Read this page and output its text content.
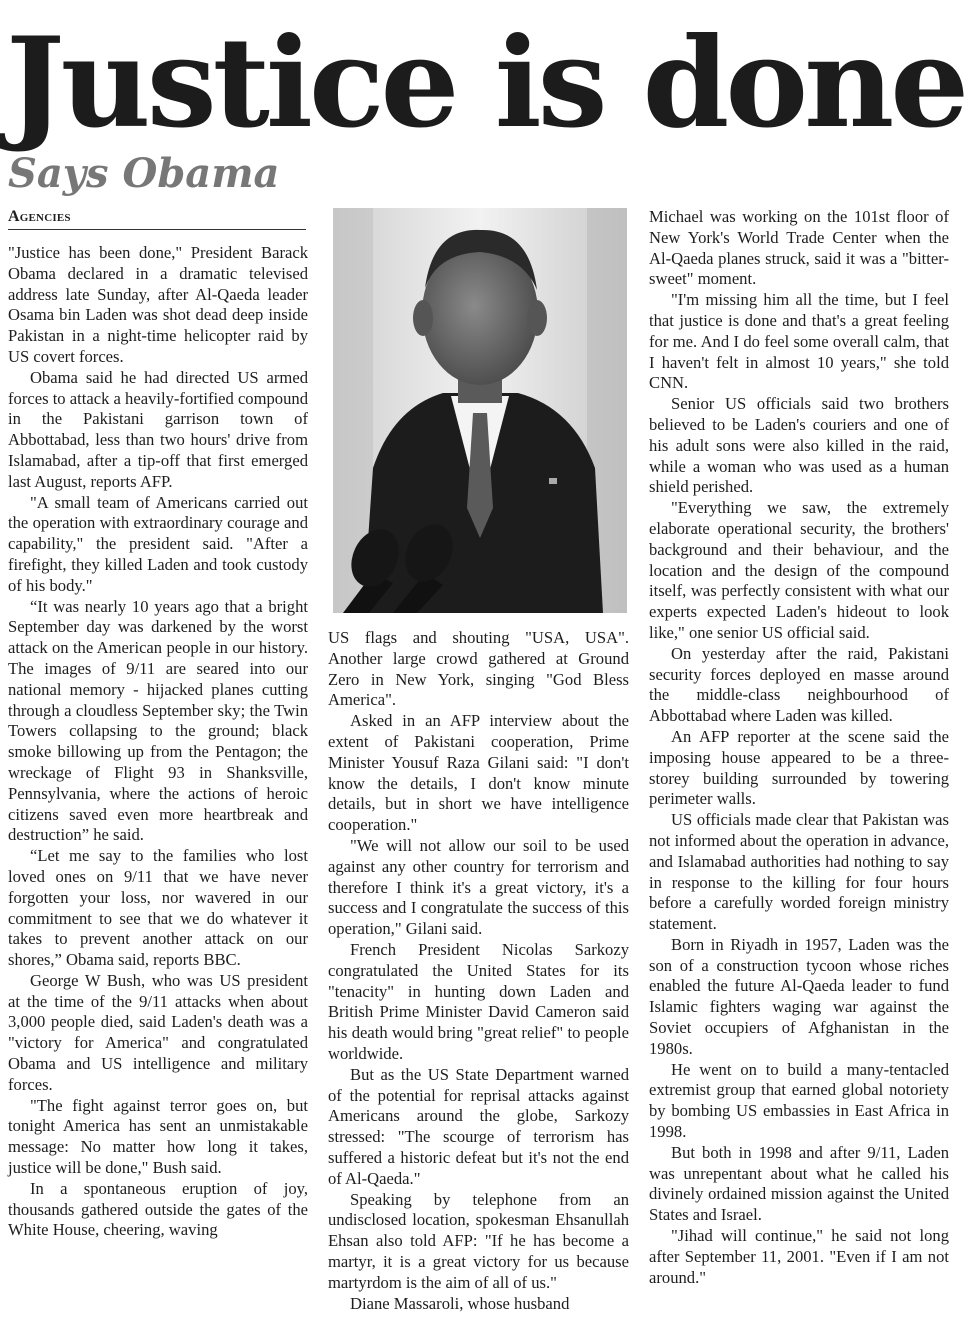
Justice is done
Says Obama
Agencies

"Justice has been done," President Barack Obama declared in a dramatic televised address late Sunday, after Al-Qaeda leader Osama bin Laden was shot dead deep inside Pakistan in a night-time helicopter raid by US covert forces.

Obama said he had directed US armed forces to attack a heavily-fortified compound in the Pakistani garrison town of Abbottabad, less than two hours' drive from Islamabad, after a tip-off that first emerged last August, reports AFP.

"A small team of Americans carried out the operation with extraordinary courage and capability," the president said. "After a firefight, they killed Laden and took custody of his body."

“It was nearly 10 years ago that a bright September day was darkened by the worst attack on the American people in our history. The images of 9/11 are seared into our national memory - hijacked planes cutting through a cloudless September sky; the Twin Towers collapsing to the ground; black smoke billowing up from the Pentagon; the wreckage of Flight 93 in Shanksville, Pennsylvania, where the actions of heroic citizens saved even more heartbreak and destruction” he said.

“Let me say to the families who lost loved ones on 9/11 that we have never forgotten your loss, nor wavered in our commitment to see that we do whatever it takes to prevent another attack on our shores,” Obama said, reports BBC.

George W Bush, who was US president at the time of the 9/11 attacks when about 3,000 people died, said Laden's death was a "victory for America" and congratulated Obama and US intelligence and military forces.

"The fight against terror goes on, but tonight America has sent an unmistakable message: No matter how long it takes, justice will be done," Bush said.

In a spontaneous eruption of joy, thousands gathered outside the gates of the White House, cheering, waving

US flags and shouting "USA, USA". Another large crowd gathered at Ground Zero in New York, singing "God Bless America".

Asked in an AFP interview about the extent of Pakistani cooperation, Prime Minister Yousuf Raza Gilani said: "I don't know the details, I don't know minute details, but in short we have intelligence cooperation."

"We will not allow our soil to be used against any other country for terrorism and therefore I think it's a great victory, it's a success and I congratulate the success of this operation," Gilani said.

French President Nicolas Sarkozy congratulated the United States for its "tenacity" in hunting down Laden and British Prime Minister David Cameron said his death would bring "great relief" to people worldwide.

But as the US State Department warned of the potential for reprisal attacks against Americans around the globe, Sarkozy stressed: "The scourge of terrorism has suffered a historic defeat but it's not the end of Al-Qaeda."

Speaking by telephone from an undisclosed location, spokesman Ehsanullah Ehsan also told AFP: "If he has become a martyr, it is a great victory for us because martyrdom is the aim of all of us."

Diane Massaroli, whose husband

Michael was working on the 101st floor of New York's World Trade Center when the Al-Qaeda planes struck, said it was a "bitter-sweet" moment.

"I'm missing him all the time, but I feel that justice is done and that's a great feeling for me. And I do feel some overall calm, that I haven't felt in almost 10 years," she told CNN.

Senior US officials said two brothers believed to be Laden's couriers and one of his adult sons were also killed in the raid, while a woman who was used as a human shield perished.

"Everything we saw, the extremely elaborate operational security, the brothers' background and their behaviour, and the location and the design of the compound itself, was perfectly consistent with what our experts expected Laden's hideout to look like," one senior US official said.

On yesterday after the raid, Pakistani security forces deployed en masse around the middle-class neighbourhood of Abbottabad where Laden was killed.

An AFP reporter at the scene said the imposing house appeared to be a three-storey building surrounded by towering perimeter walls.

US officials made clear that Pakistan was not informed about the operation in advance, and Islamabad authorities had nothing to say in response to the killing for four hours before a carefully worded foreign ministry statement.

Born in Riyadh in 1957, Laden was the son of a construction tycoon whose riches enabled the future Al-Qaeda leader to fund Islamic fighters waging war against the Soviet occupiers of Afghanistan in the 1980s.

He went on to build a many-tentacled extremist group that earned global notoriety by bombing US embassies in East Africa in 1998.

But both in 1998 and after 9/11, Laden was unrepentant about what he called his divinely ordained mission against the United States and Israel.

"Jihad will continue," he said not long after September 11, 2001. "Even if I am not around."
